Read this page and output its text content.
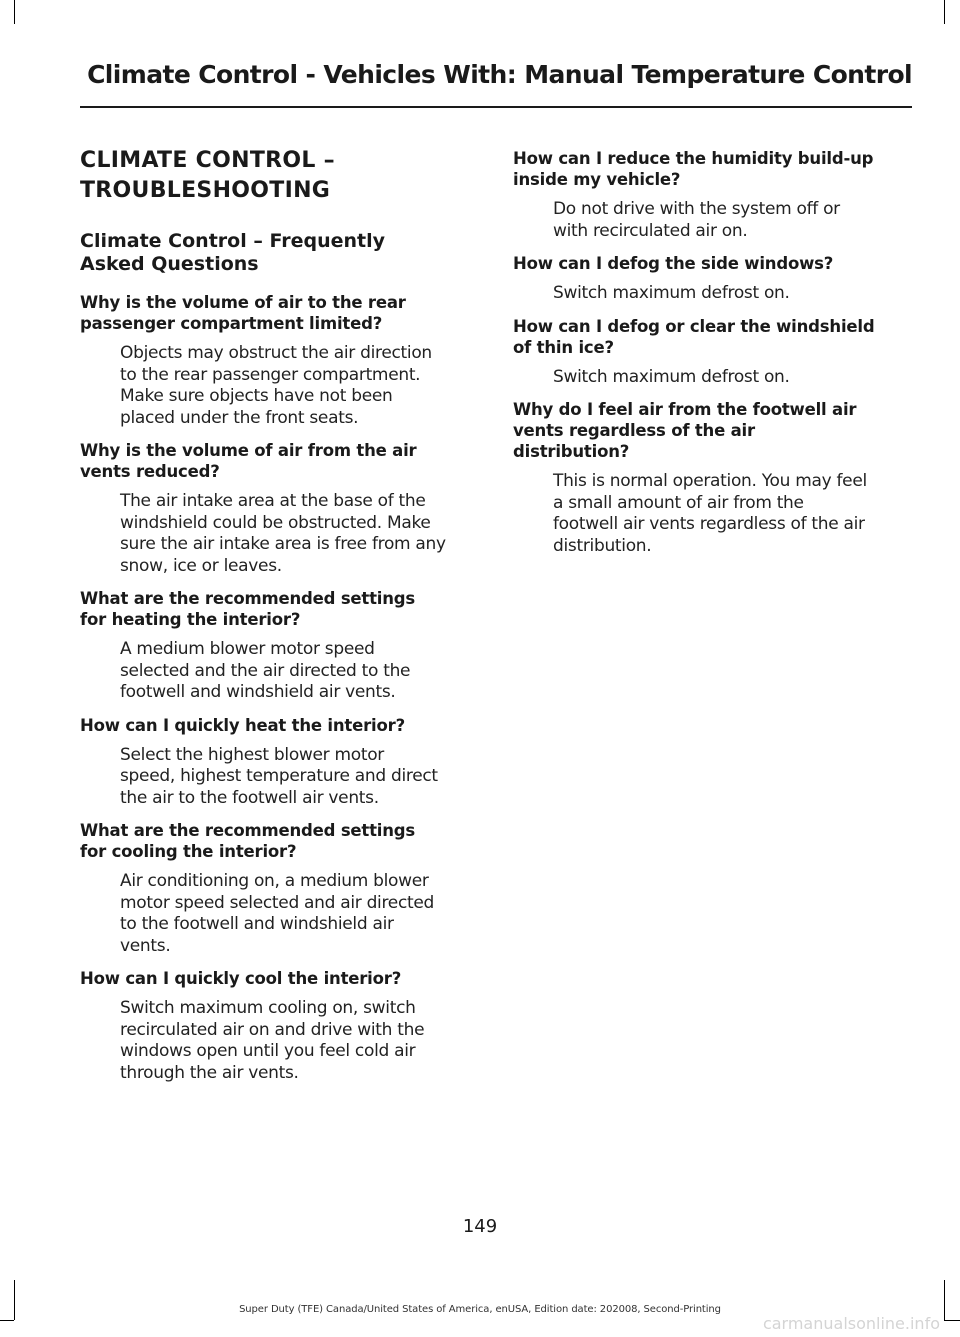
Climate Control - Vehicles With: Manual Temperature Control
CLIMATE CONTROL –
TROUBLESHOOTING
Climate Control – Frequently
Asked Questions
Why is the volume of air to the rear
passenger compartment limited?
Objects may obstruct the air direction
to the rear passenger compartment.
Make sure objects have not been
placed under the front seats.
Why is the volume of air from the air
vents reduced?
The air intake area at the base of the
windshield could be obstructed. Make
sure the air intake area is free from any
snow, ice or leaves.
What are the recommended settings
for heating the interior?
A medium blower motor speed
selected and the air directed to the
footwell and windshield air vents.
How can I quickly heat the interior?
Select the highest blower motor
speed, highest temperature and direct
the air to the footwell air vents.
What are the recommended settings
for cooling the interior?
Air conditioning on, a medium blower
motor speed selected and air directed
to the footwell and windshield air
vents.
How can I quickly cool the interior?
Switch maximum cooling on, switch
recirculated air on and drive with the
windows open until you feel cold air
through the air vents.
How can I reduce the humidity build-up
inside my vehicle?
Do not drive with the system off or
with recirculated air on.
How can I defog the side windows?
Switch maximum defrost on.
How can I defog or clear the windshield
of thin ice?
Switch maximum defrost on.
Why do I feel air from the footwell air
vents regardless of the air
distribution?
This is normal operation. You may feel
a small amount of air from the
footwell air vents regardless of the air
distribution.
149
Super Duty (TFE) Canada/United States of America, enUSA, Edition date: 202008, Second-Printing
carmanualsonline.info
